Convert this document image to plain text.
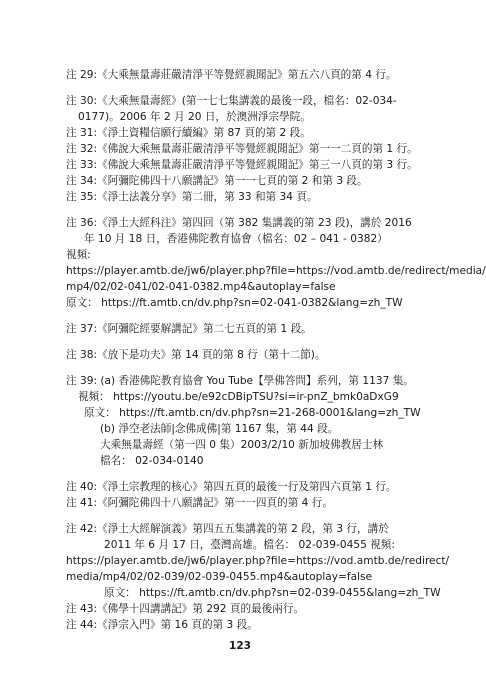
注 29:《大乘無量壽莊嚴清淨平等覺經親聞記》第五六八頁的第 4 行。
注 30:《大乘無量壽經》(第一七七集講義的最後一段，檔名：02-034-
0177)。2006 年 2 月 20 日，於澳洲淨宗學院。
注 31:《淨土資糧信願行續編》第 87 頁的第 2 段。
注 32:《佛說大乘無量壽莊嚴清淨平等覺經親聞記》第一一二頁的第 1 行。
注 33:《佛說大乘無量壽莊嚴清淨平等覺經親聞記》第三一八頁的第 3 行。
注 34:《阿彌陀佛四十八願講記》第一一七頁的第 2 和第 3 段。
注 35:《淨土法義分享》第二冊，第 33 和第 34 頁。
注 36:《淨土大經科注》第四回（第 382 集講義的第 23 段)，講於 2016
年 10 月 18 日，香港佛陀教育協會（檔名：02 – 041 - 0382）
視頻:
https://player.amtb.de/jw6/player.php?file=https://vod.amtb.de/redirect/media/
mp4/02/02-041/02-041-0382.mp4&autoplay=false
原文： https://ft.amtb.cn/dv.php?sn=02-041-0382&lang=zh_TW
注 37:《阿彌陀經要解講記》第二七五頁的第 1 段。
注 38:《放下是功夫》第 14 頁的第 8 行（第十二節)。
注 39: (a) 香港佛陀教育協會 You Tube【學佛答問】系列，第 1137 集。
視頻： https://youtu.be/e92cDBipTSU?si=ir-pnZ_bmk0aDxG9
原文： https://ft.amtb.cn/dv.php?sn=21-268-0001&lang=zh_TW
(b) 淨空老法師|念佛成佛|第 1167 集，第 44 段。
大乘無量壽經（第一四 0 集）2003/2/10 新加坡佛教居士林
檔名： 02-034-0140
注 40:《淨土宗教理的核心》第四五頁的最後一行及第四六頁第 1 行。
注 41:《阿彌陀佛四十八願講記》第一一四頁的第 4 行。
注 42:《淨土大經解演義》第四五五集講義的第 2 段，第 3 行，講於
2011 年 6 月 17 日，臺灣高雄。檔名： 02-039-0455 視頻:
https://player.amtb.de/jw6/player.php?file=https://vod.amtb.de/redirect/
media/mp4/02/02-039/02-039-0455.mp4&autoplay=false
原文： https://ft.amtb.cn/dv.php?sn=02-039-0455&lang=zh_TW
注 43:《佛學十四講講記》第 292 頁的最後兩行。
注 44:《淨宗入門》第 16 頁的第 3 段。
123
